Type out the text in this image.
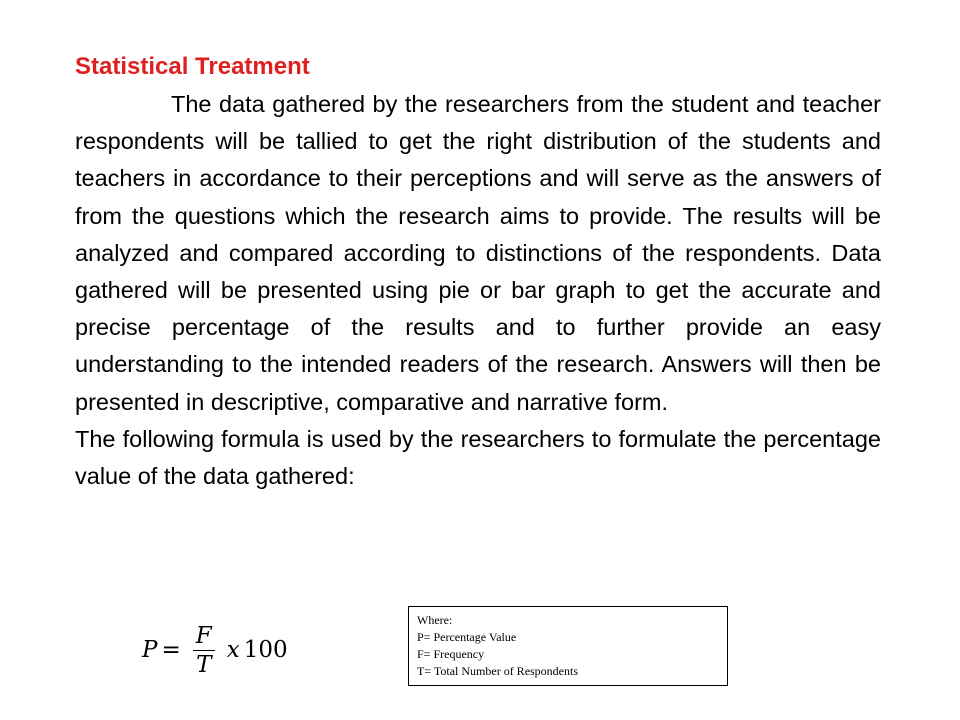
Statistical Treatment

The data gathered by the researchers from the student and teacher respondents will be tallied to get the right distribution of the students and teachers in accordance to their perceptions and will serve as the answers of from the questions which the research aims to provide. The results will be analyzed and compared according to distinctions of the respondents. Data gathered will be presented using pie or bar graph to get the accurate and precise percentage of the results and to further provide an easy understanding to the intended readers of the research. Answers will then be presented in descriptive, comparative and narrative form.

The following formula is used by the researchers to formulate the percentage value of the data gathered:

$P = \frac{F}{T}$ x 100
Where:
P= Percentage Value
F= Frequency
T= Total Number of Respondents
